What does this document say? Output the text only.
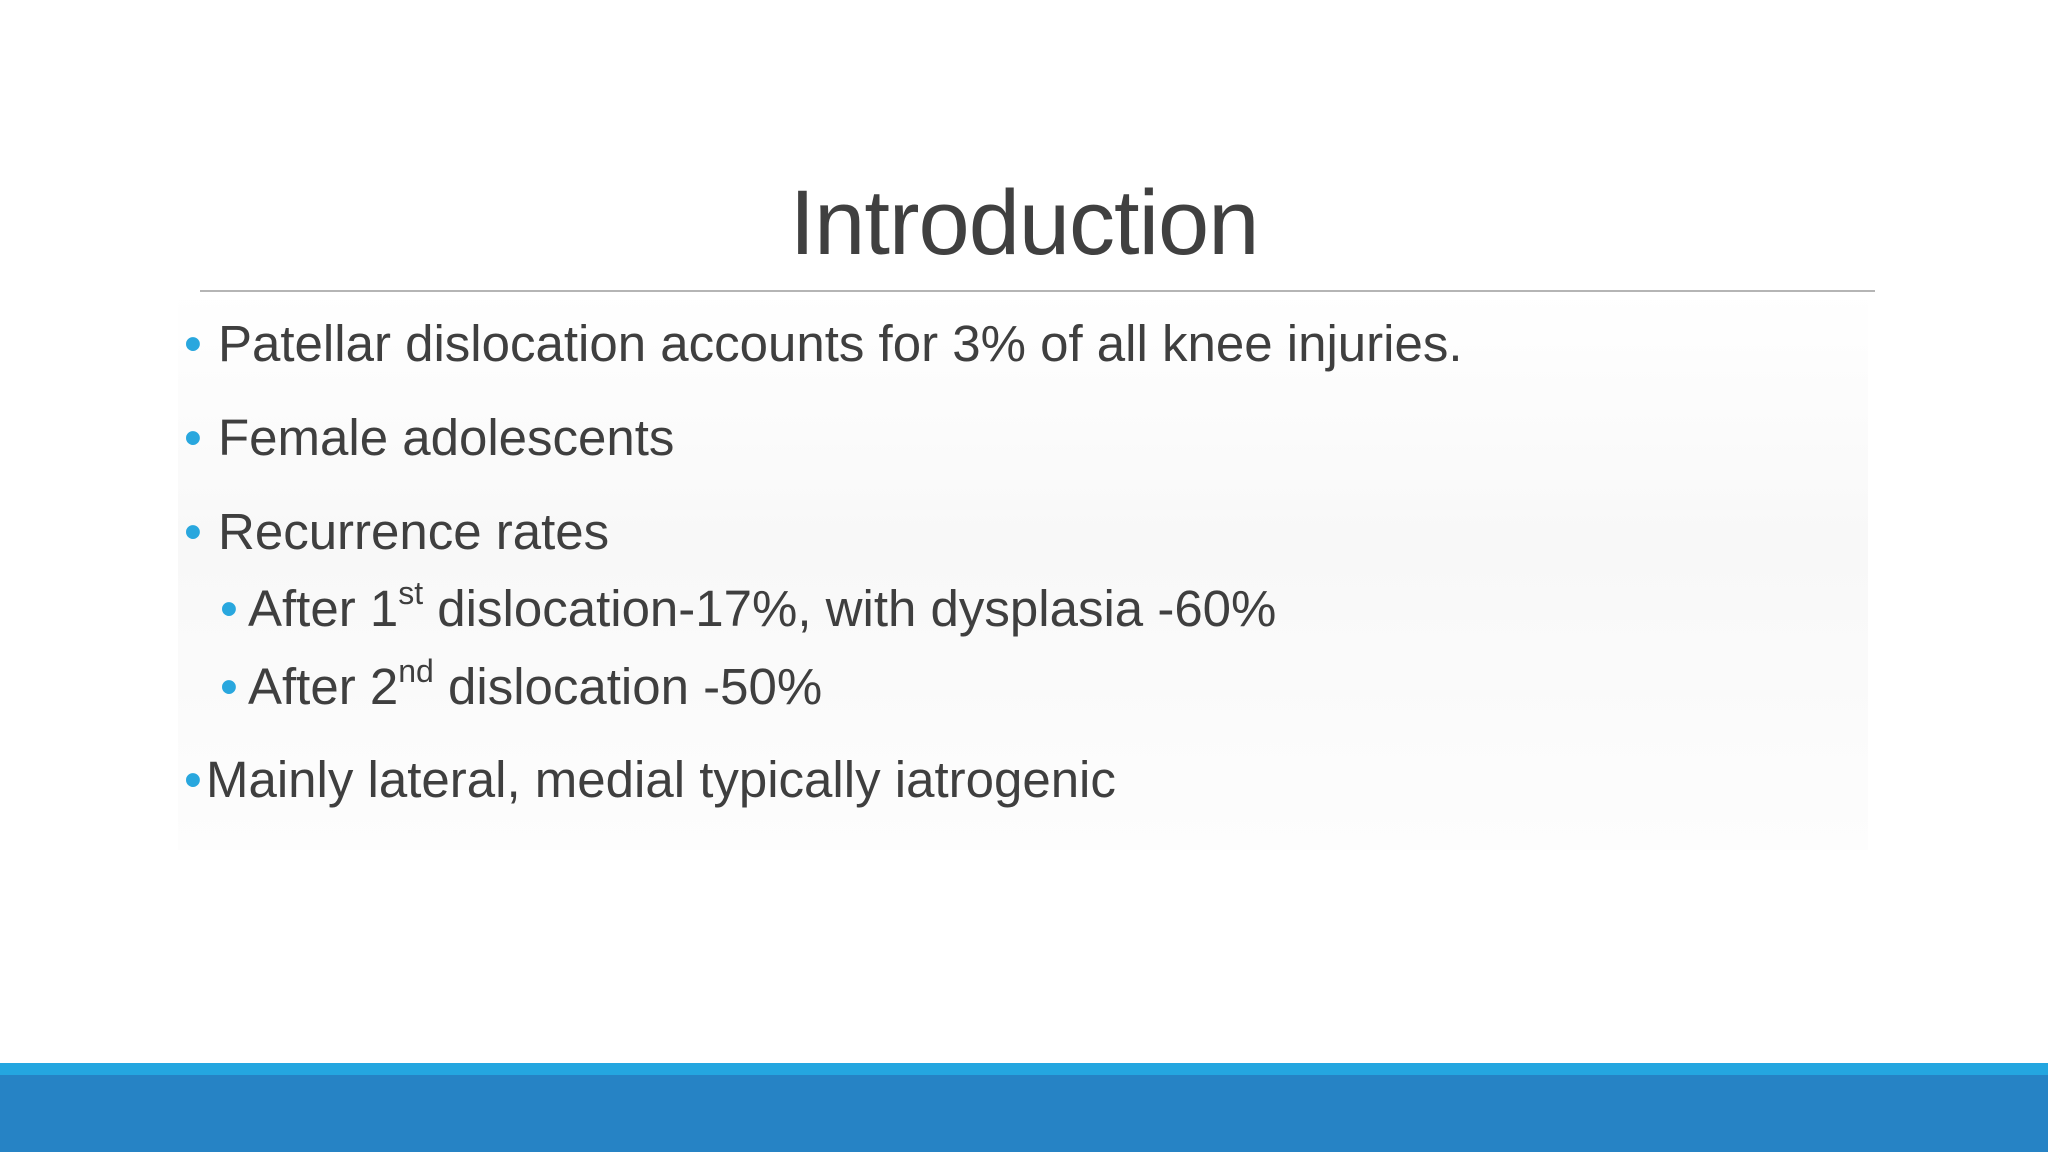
Introduction
• Patellar dislocation accounts for 3% of all knee injuries.
• Female adolescents
• Recurrence rates
• After 1st dislocation-17%, with dysplasia -60%
• After 2nd dislocation -50%
•Mainly lateral, medial typically iatrogenic
